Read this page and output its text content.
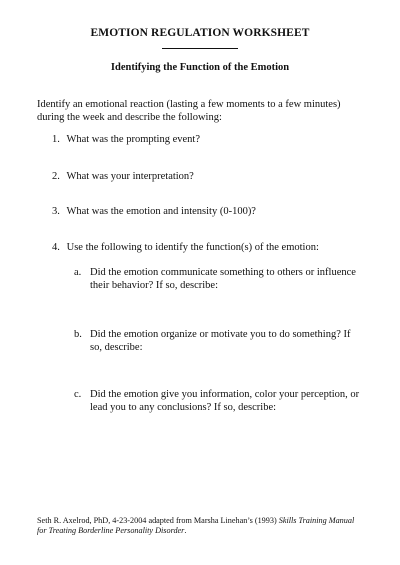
EMOTION REGULATION WORKSHEET
Identifying the Function of the Emotion
Identify an emotional reaction (lasting a few moments to a few minutes)
during the week and describe the following:
1. What was the prompting event?
2. What was your interpretation?
3. What was the emotion and intensity (0-100)?
4. Use the following to identify the function(s) of the emotion:
a. Did the emotion communicate something to others or influence
their behavior? If so, describe:
b. Did the emotion organize or motivate you to do something? If
so, describe:
c. Did the emotion give you information, color your perception, or
lead you to any conclusions? If so, describe:
Seth R. Axelrod, PhD, 4-23-2004 adapted from Marsha Linehan’s (1993) Skills Training Manual
for Treating Borderline Personality Disorder.
